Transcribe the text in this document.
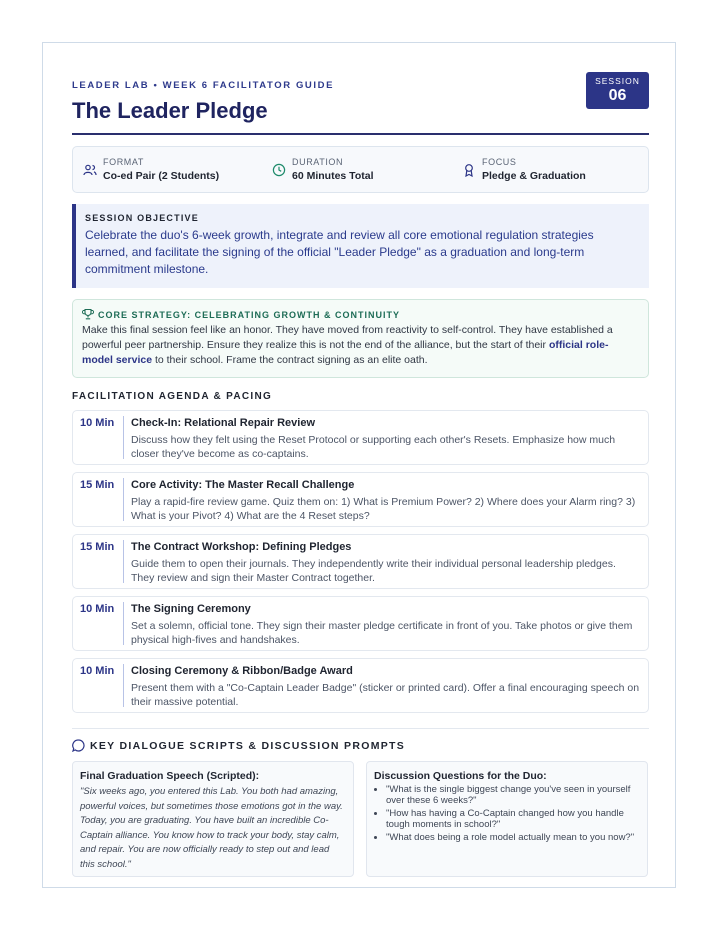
LEADER LAB • WEEK 6 FACILITATOR GUIDE
The Leader Pledge
SESSION
06
FORMAT
Co-ed Pair (2 Students)
DURATION
60 Minutes Total
FOCUS
Pledge & Graduation
SESSION OBJECTIVE
Celebrate the duo's 6-week growth, integrate and review all core emotional regulation strategies learned, and facilitate the signing of the official "Leader Pledge" as a graduation and long-term commitment milestone.
CORE STRATEGY: CELEBRATING GROWTH & CONTINUITY
Make this final session feel like an honor. They have moved from reactivity to self-control. They have established a powerful peer partnership. Ensure they realize this is not the end of the alliance, but the start of their official role-model service to their school. Frame the contract signing as an elite oath.
FACILITATION AGENDA & PACING
10 Min Check-In: Relational Repair Review
Discuss how they felt using the Reset Protocol or supporting each other's Resets. Emphasize how much closer they've become as co-captains.
15 Min Core Activity: The Master Recall Challenge
Play a rapid-fire review game. Quiz them on: 1) What is Premium Power? 2) Where does your Alarm ring? 3) What is your Pivot? 4) What are the 4 Reset steps?
15 Min The Contract Workshop: Defining Pledges
Guide them to open their journals. They independently write their individual personal leadership pledges. They review and sign their Master Contract together.
10 Min The Signing Ceremony
Set a solemn, official tone. They sign their master pledge certificate in front of you. Take photos or give them physical high-fives and handshakes.
10 Min Closing Ceremony & Ribbon/Badge Award
Present them with a "Co-Captain Leader Badge" (sticker or printed card). Offer a final encouraging speech on their massive potential.
KEY DIALOGUE SCRIPTS & DISCUSSION PROMPTS
Final Graduation Speech (Scripted):
"Six weeks ago, you entered this Lab. You both had amazing, powerful voices, but sometimes those emotions got in the way. Today, you are graduating. You have built an incredible Co-Captain alliance. You know how to track your body, stay calm, and repair. You are now officially ready to step out and lead this school."
Discussion Questions for the Duo:
• "What is the single biggest change you've seen in yourself over these 6 weeks?"
• "How has having a Co-Captain changed how you handle tough moments in school?"
• "What does being a role model actually mean to you now?"
